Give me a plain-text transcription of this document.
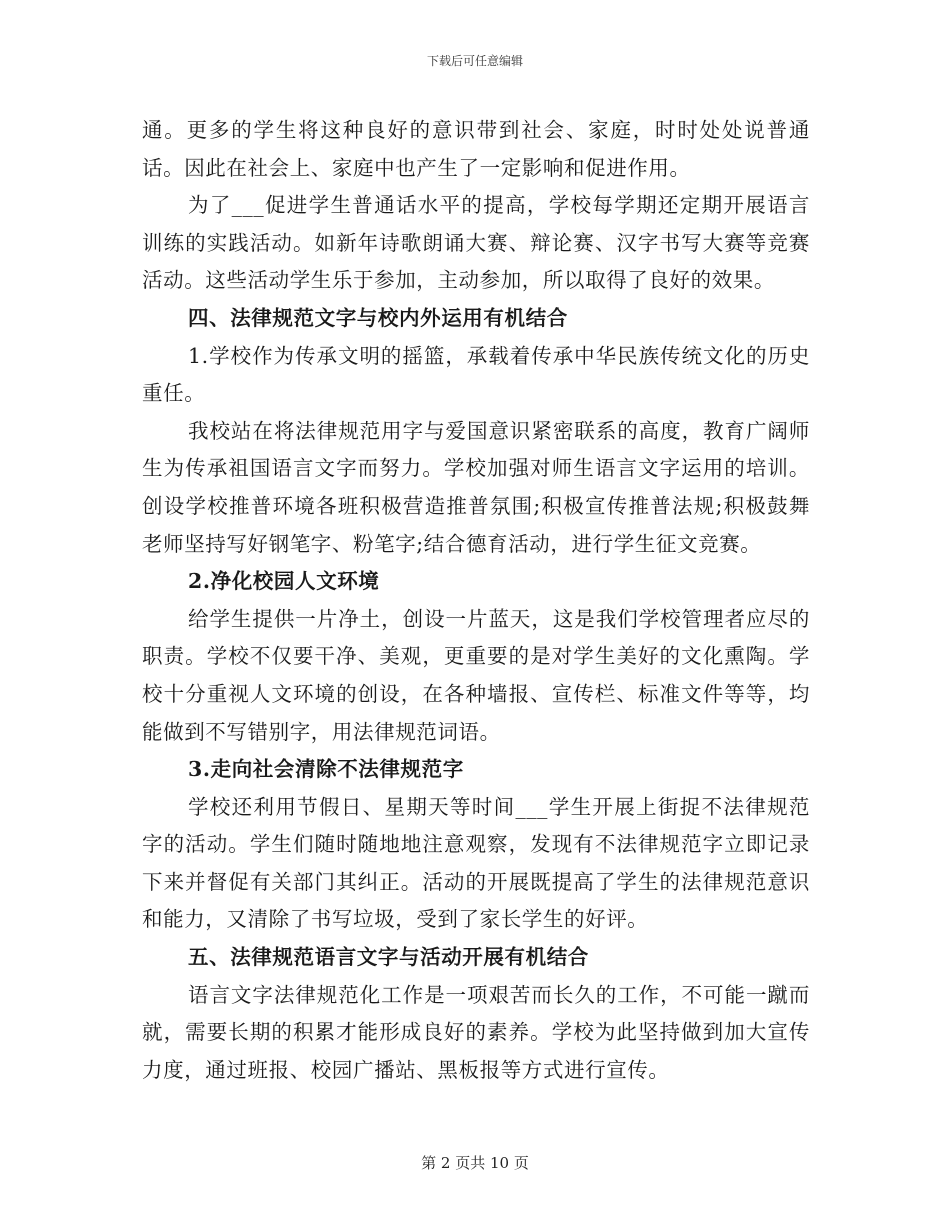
下载后可任意编辑

通。更多的学生将这种良好的意识带到社会、家庭，时时处处说普通话。因此在社会上、家庭中也产生了一定影响和促进作用。

为了___促进学生普通话水平的提高，学校每学期还定期开展语言训练的实践活动。如新年诗歌朗诵大赛、辩论赛、汉字书写大赛等竞赛活动。这些活动学生乐于参加，主动参加，所以取得了良好的效果。

四、法律规范文字与校内外运用有机结合

1.学校作为传承文明的摇篮，承载着传承中华民族传统文化的历史重任。

我校站在将法律规范用字与爱国意识紧密联系的高度，教育广阔师生为传承祖国语言文字而努力。学校加强对师生语言文字运用的培训。创设学校推普环境各班积极营造推普氛围;积极宣传推普法规;积极鼓舞老师坚持写好钢笔字、粉笔字;结合德育活动，进行学生征文竞赛。

2.净化校园人文环境

给学生提供一片净土，创设一片蓝天，这是我们学校管理者应尽的职责。学校不仅要干净、美观，更重要的是对学生美好的文化熏陶。学校十分重视人文环境的创设，在各种墙报、宣传栏、标准文件等等，均能做到不写错别字，用法律规范词语。

3.走向社会清除不法律规范字

学校还利用节假日、星期天等时间___学生开展上街捉不法律规范字的活动。学生们随时随地地注意观察，发现有不法律规范字立即记录下来并督促有关部门其纠正。活动的开展既提高了学生的法律规范意识和能力，又清除了书写垃圾，受到了家长学生的好评。

五、法律规范语言文字与活动开展有机结合

语言文字法律规范化工作是一项艰苦而长久的工作，不可能一蹴而就，需要长期的积累才能形成良好的素养。学校为此坚持做到加大宣传力度，通过班报、校园广播站、黑板报等方式进行宣传。

第 2 页共 10 页
